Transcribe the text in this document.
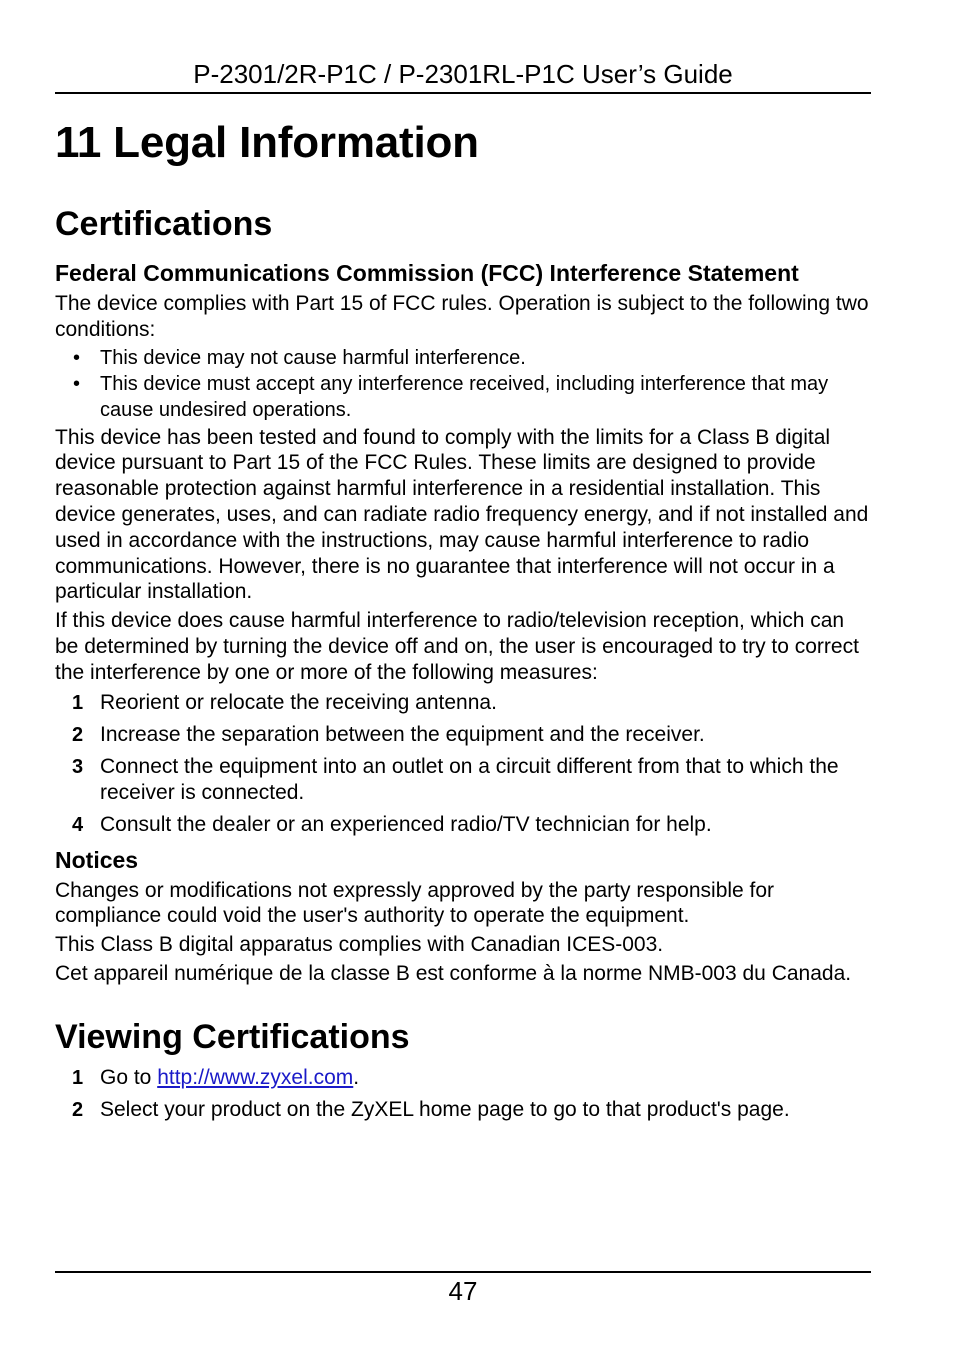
P-2301/2R-P1C / P-2301RL-P1C User’s Guide
11 Legal Information
Certifications
Federal Communications Commission (FCC) Interference Statement

The device complies with Part 15 of FCC rules. Operation is subject to the following two conditions:

• This device may not cause harmful interference.
• This device must accept any interference received, including interference that may cause undesired operations.

This device has been tested and found to comply with the limits for a Class B digital device pursuant to Part 15 of the FCC Rules. These limits are designed to provide reasonable protection against harmful interference in a residential installation. This device generates, uses, and can radiate radio frequency energy, and if not installed and used in accordance with the instructions, may cause harmful interference to radio communications. However, there is no guarantee that interference will not occur in a particular installation.

If this device does cause harmful interference to radio/television reception, which can be determined by turning the device off and on, the user is encouraged to try to correct the interference by one or more of the following measures:

1 Reorient or relocate the receiving antenna.
2 Increase the separation between the equipment and the receiver.
3 Connect the equipment into an outlet on a circuit different from that to which the receiver is connected.
4 Consult the dealer or an experienced radio/TV technician for help.
Notices

Changes or modifications not expressly approved by the party responsible for compliance could void the user's authority to operate the equipment.

This Class B digital apparatus complies with Canadian ICES-003.

Cet appareil numérique de la classe B est conforme à la norme NMB-003 du Canada.

Viewing Certifications
1 Go to http://www.zyxel.com.
2 Select your product on the ZyXEL home page to go to that product's page.
47
